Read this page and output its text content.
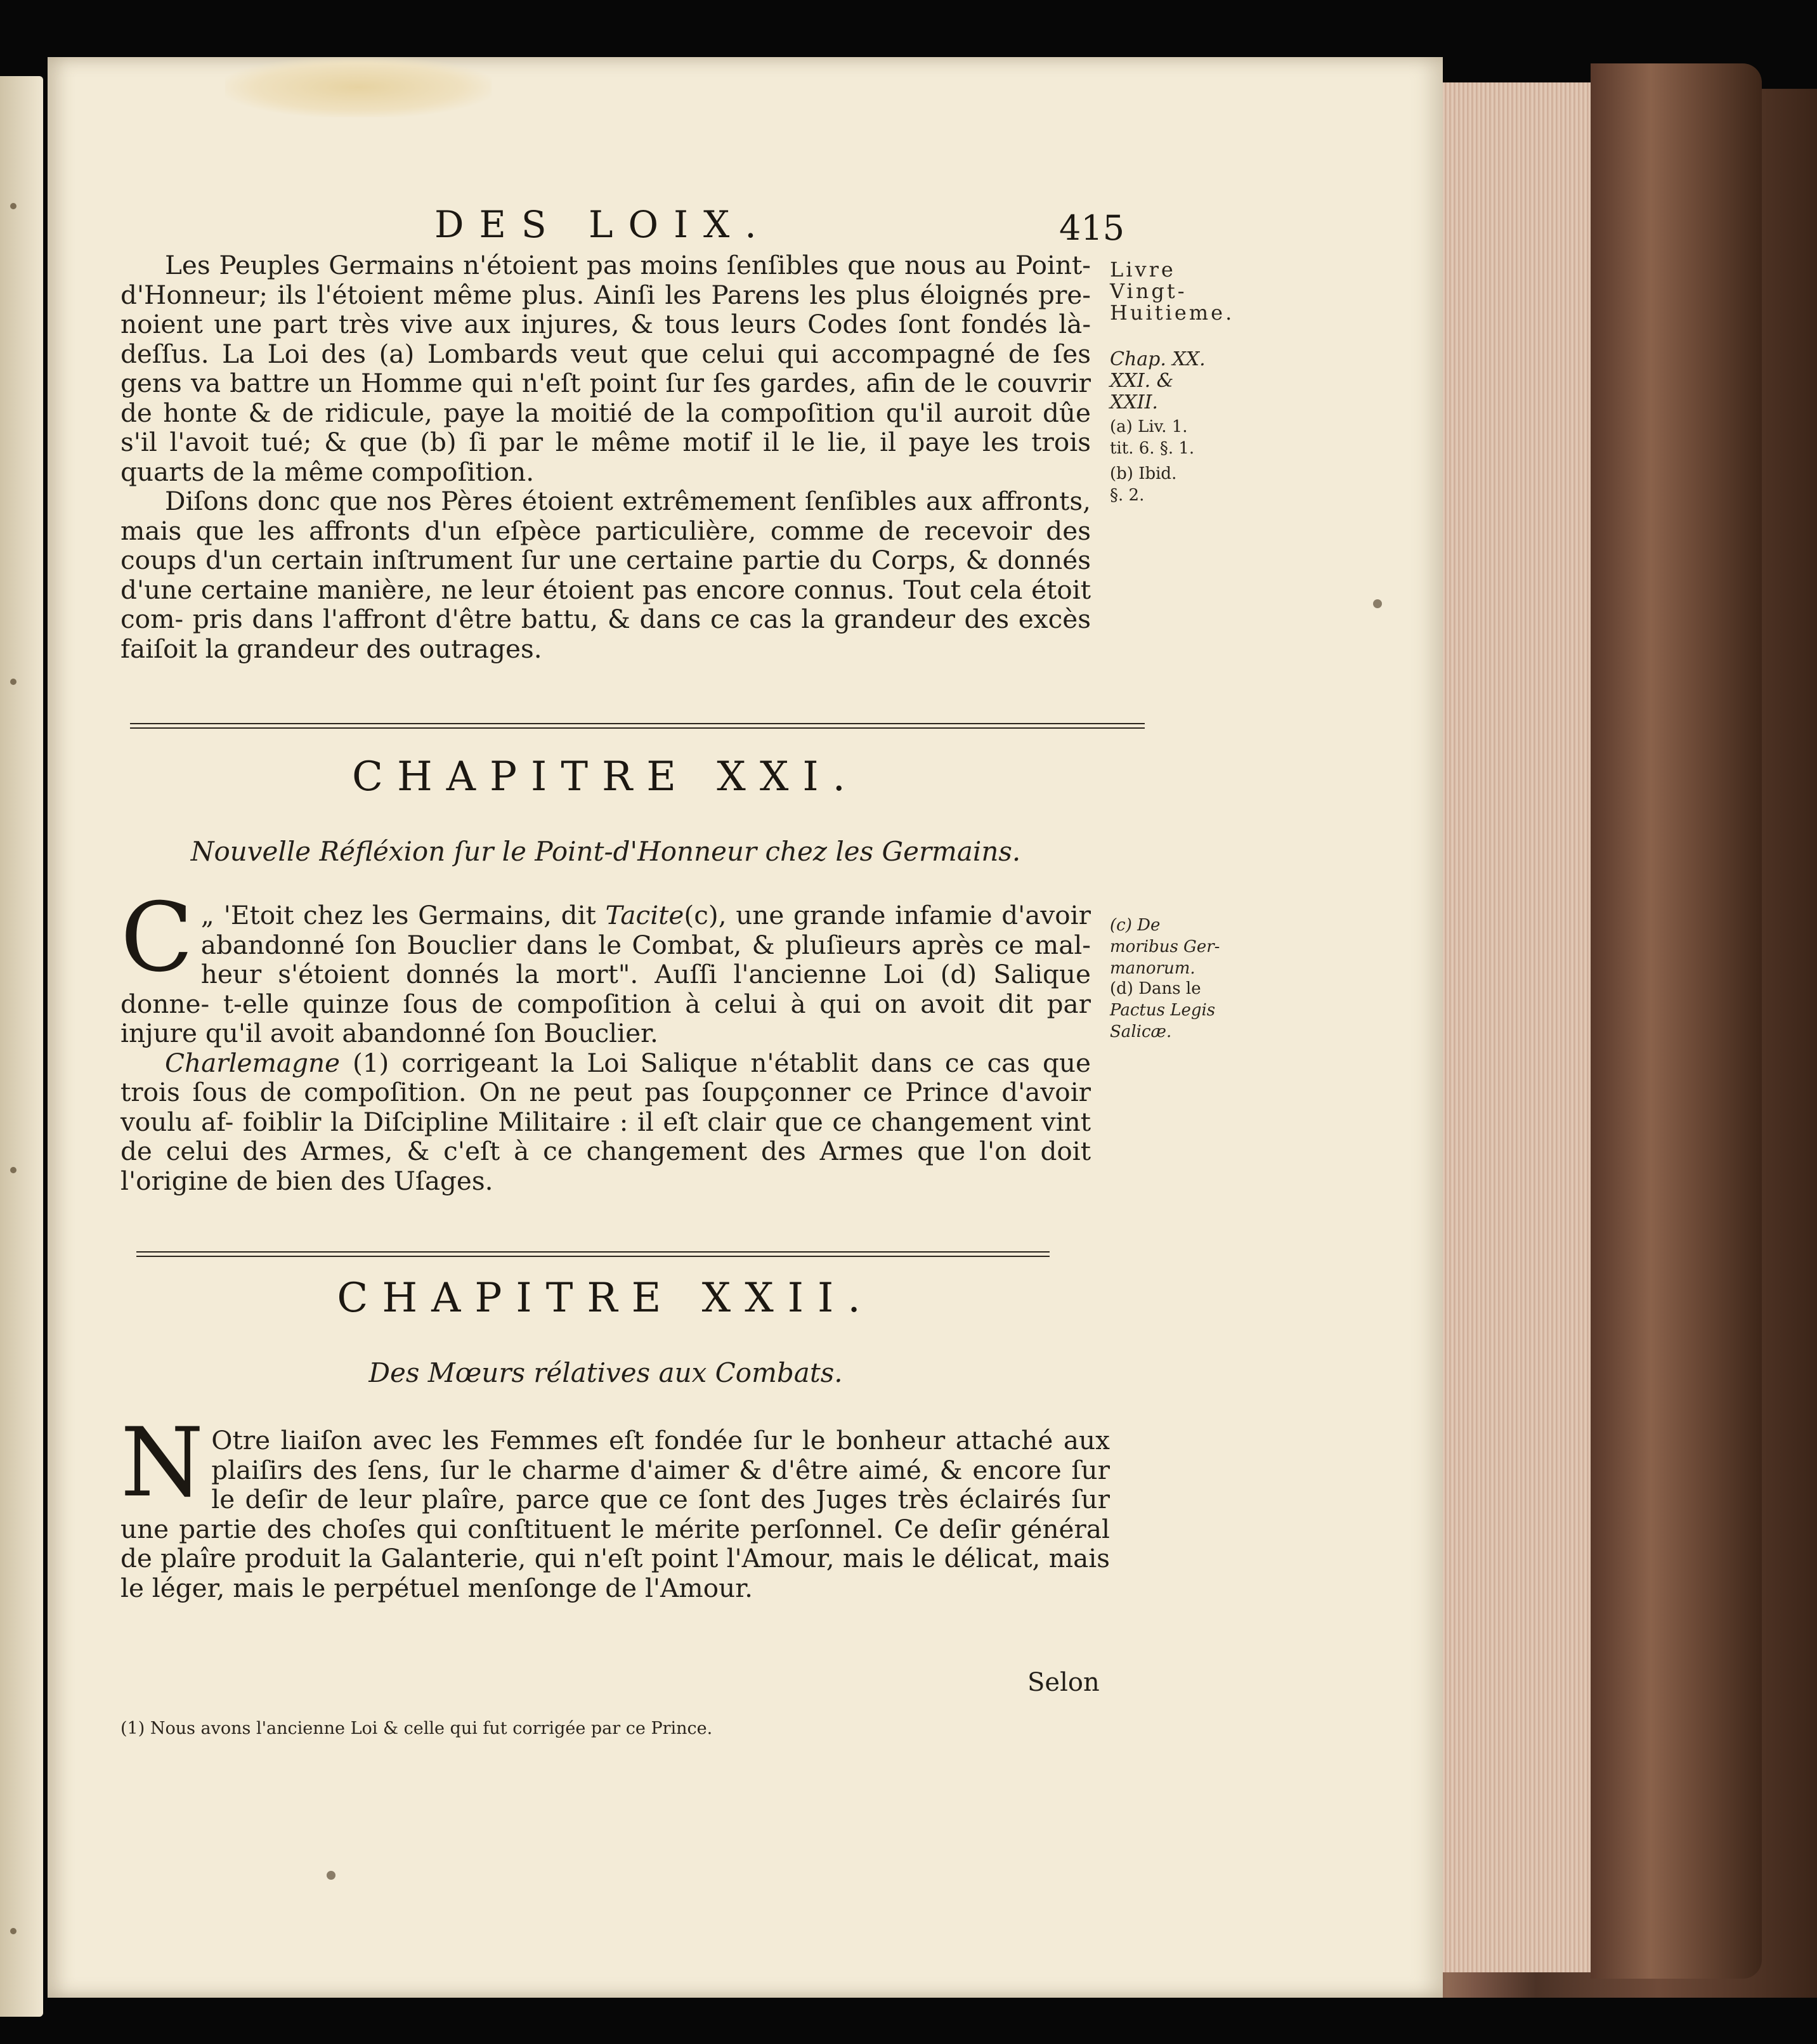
DES LOIX.	415
Livre
Vingt-
Huitieme.
Chap. XX.
XXI. &
XXII.
(a) Liv. 1.
tit. 6. §. 1.
(b) Ibid.
§. 2.
(c) De
moribus Ger-
manorum.
(d) Dans le
Pactus Legis
Salicæ.

Les Peuples Germains n'étoient pas moins ſenſibles que nous au Point- d'Honneur; ils l'étoient même plus. Ainſi les Parens les plus éloignés pre- noient une part très vive aux injures, & tous leurs Codes ſont fondés là- deſſus. La Loi des (a) Lombards veut que celui qui accompagné de ſes gens va battre un Homme qui n'eſt point ſur ſes gardes, afin de le couvrir de honte & de ridicule, paye la moitié de la compoſition qu'il auroit dûe s'il l'avoit tué; & que (b) ſi par le même motif il le lie, il paye les trois quarts de la même compoſition.

Diſons donc que nos Pères étoient extrêmement ſenſibles aux affronts, mais que les affronts d'un eſpèce particulière, comme de recevoir des coups d'un certain inſtrument ſur une certaine partie du Corps, & donnés d'une certaine manière, ne leur étoient pas encore connus. Tout cela étoit com- pris dans l'affront d'être battu, & dans ce cas la grandeur des excès faiſoit la grandeur des outrages.

CHAPITRE XXI.
Nouvelle Réfléxion ſur le Point-d'Honneur chez les Germains.

„
C 'Etoit chez les Germains, dit Tacite(c), une grande infamie d'avoir abandonné ſon Bouclier dans le Combat, & pluſieurs après ce mal- heur s'étoient donnés la mort". Auſſi l'ancienne Loi (d) Salique donne- t-elle quinze ſous de compoſition à celui à qui on avoit dit par injure qu'il avoit abandonné ſon Bouclier.

Charlemagne (1) corrigeant la Loi Salique n'établit dans ce cas que trois ſous de compoſition. On ne peut pas ſoupçonner ce Prince d'avoir voulu af- foiblir la Diſcipline Militaire : il eſt clair que ce changement vint de celui des Armes, & c'eſt à ce changement des Armes que l'on doit l'origine de bien des Uſages.

CHAPITRE XXII.
Des Mœurs rélatives aux Combats.

N Otre liaiſon avec les Femmes eſt fondée ſur le bonheur attaché aux plaiſirs des ſens, ſur le charme d'aimer & d'être aimé, & encore ſur le deſir de leur plaîre, parce que ce ſont des Juges très éclairés ſur une partie des choſes qui conſtituent le mérite perſonnel. Ce deſir général de plaîre produit la Galanterie, qui n'eſt point l'Amour, mais le délicat, mais le léger, mais le perpétuel menſonge de l'Amour.

Selon
(1) Nous avons l'ancienne Loi & celle qui fut corrigée par ce Prince.
